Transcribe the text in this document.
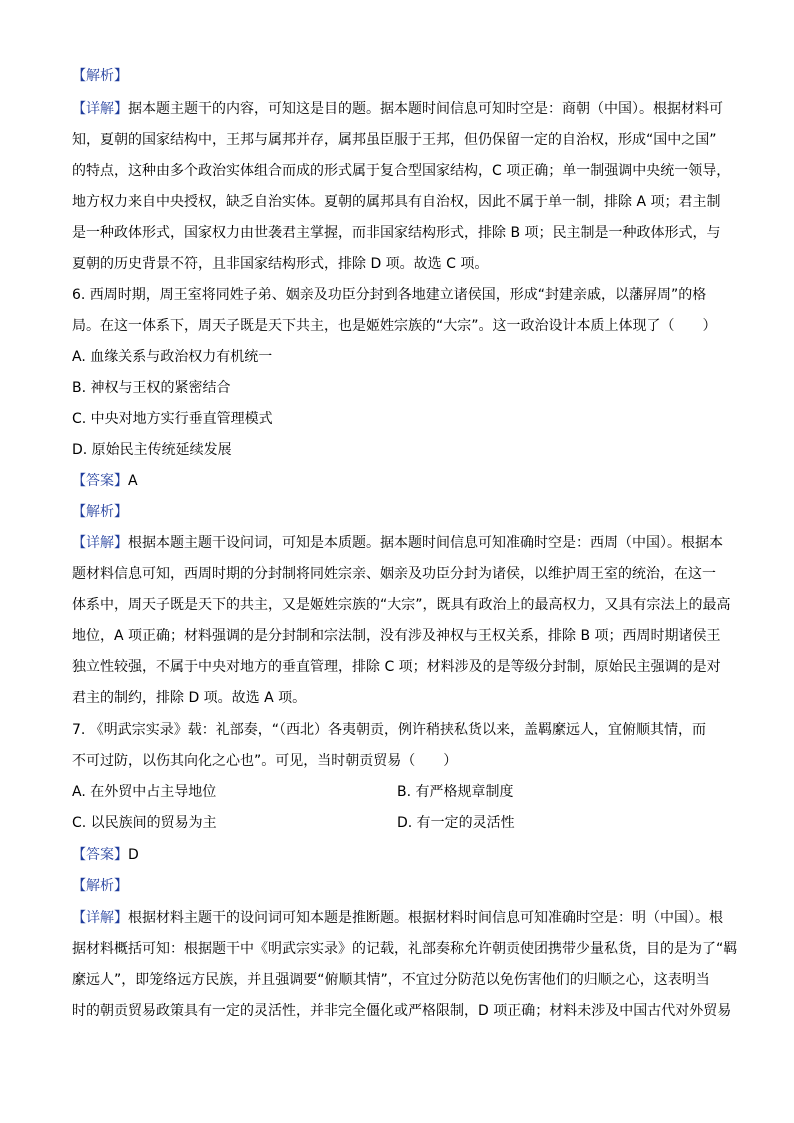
【解析】
【详解】据本题主题干的内容，可知这是目的题。据本题时间信息可知时空是：商朝（中国）。根据材料可
知，夏朝的国家结构中，王邦与属邦并存，属邦虽臣服于王邦，但仍保留一定的自治权，形成“国中之国”
的特点，这种由多个政治实体组合而成的形式属于复合型国家结构，C 项正确；单一制强调中央统一领导，
地方权力来自中央授权，缺乏自治实体。夏朝的属邦具有自治权，因此不属于单一制，排除 A 项；君主制
是一种政体形式，国家权力由世袭君主掌握，而非国家结构形式，排除 B 项；民主制是一种政体形式，与
夏朝的历史背景不符，且非国家结构形式，排除 D 项。故选 C 项。
6. 西周时期，周王室将同姓子弟、姻亲及功臣分封到各地建立诸侯国，形成“封建亲戚，以藩屏周”的格
局。在这一体系下，周天子既是天下共主，也是姬姓宗族的“大宗”。这一政治设计本质上体现了（　　）
A. 血缘关系与政治权力有机统一
B. 神权与王权的紧密结合
C. 中央对地方实行垂直管理模式
D. 原始民主传统延续发展
【答案】A
【解析】
【详解】根据本题主题干设问词，可知是本质题。据本题时间信息可知准确时空是：西周（中国）。根据本
题材料信息可知，西周时期的分封制将同姓宗亲、姻亲及功臣分封为诸侯，以维护周王室的统治，在这一
体系中，周天子既是天下的共主，又是姬姓宗族的“大宗”，既具有政治上的最高权力，又具有宗法上的最高
地位，A 项正确；材料强调的是分封制和宗法制，没有涉及神权与王权关系，排除 B 项；西周时期诸侯王
独立性较强，不属于中央对地方的垂直管理，排除 C 项；材料涉及的是等级分封制，原始民主强调的是对
君主的制约，排除 D 项。故选 A 项。
7. 《明武宗实录》载：礼部奏，“（西北）各夷朝贡，例许稍挟私货以来，盖羁縻远人，宜俯顺其情，而
不可过防，以伤其向化之心也”。可见，当时朝贡贸易（　　）
A. 在外贸中占主导地位	B. 有严格规章制度
C. 以民族间的贸易为主	D. 有一定的灵活性
【答案】D
【解析】
【详解】根据材料主题干的设问词可知本题是推断题。根据材料时间信息可知准确时空是：明（中国）。根
据材料概括可知：根据题干中《明武宗实录》的记载，礼部奏称允许朝贡使团携带少量私货，目的是为了“羁
縻远人”，即笼络远方民族，并且强调要“俯顺其情”，不宜过分防范以免伤害他们的归顺之心，这表明当
时的朝贡贸易政策具有一定的灵活性，并非完全僵化或严格限制，D 项正确；材料未涉及中国古代对外贸易
